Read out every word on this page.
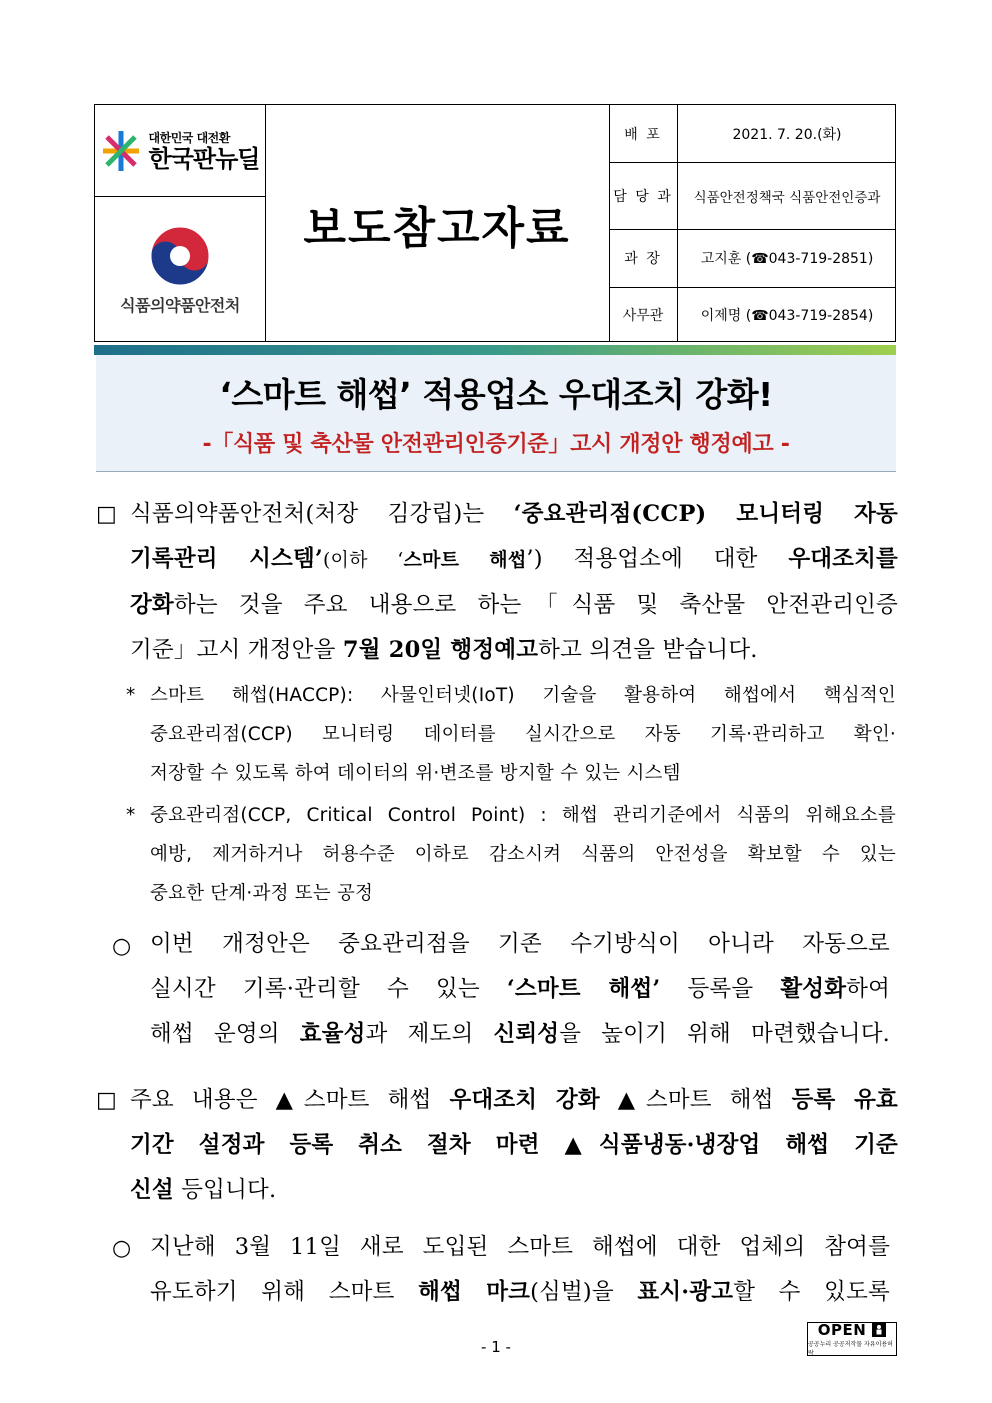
대한민국 대전환
한국판뉴딜
식품의약품안전처
보도참고자료
배 포	2021. 7. 20.(화)
담 당 과	식품안전정책국 식품안전인증과
과 장	고지훈 (☎043-719-2851)
사무관	이제명 (☎043-719-2854)
‘스마트 해썹’ 적용업소 우대조치 강화!
-「식품 및 축산물 안전관리인증기준」고시 개정안 행정예고 -
□ 식품의약품안전처(처장 김강립)는 ‘중요관리점(CCP) 모니터링 자동
기록관리 시스템’(이하 ‘스마트 해썹’) 적용업소에 대한 우대조치를
강화하는 것을 주요 내용으로 하는「식품 및 축산물 안전관리인증
기준」고시 개정안을 7월 20일 행정예고하고 의견을 받습니다.
* 스마트 해썹(HACCP): 사물인터넷(IoT) 기술을 활용하여 해썹에서 핵심적인
중요관리점(CCP) 모니터링 데이터를 실시간으로 자동 기록·관리하고 확인·
저장할 수 있도록 하여 데이터의 위·변조를 방지할 수 있는 시스템
* 중요관리점(CCP, Critical Control Point) : 해썹 관리기준에서 식품의 위해요소를
예방, 제거하거나 허용수준 이하로 감소시켜 식품의 안전성을 확보할 수 있는
중요한 단계·과정 또는 공정
○ 이번 개정안은 중요관리점을 기존 수기방식이 아니라 자동으로
실시간 기록·관리할 수 있는 ‘스마트 해썹’ 등록을 활성화하여
해썹 운영의 효율성과 제도의 신뢰성을 높이기 위해 마련했습니다.
□ 주요 내용은 ▲스마트 해썹 우대조치 강화 ▲스마트 해썹 등록 유효
기간 설정과 등록 취소 절차 마련 ▲식품냉동·냉장업 해썹 기준
신설 등입니다.
○ 지난해 3월 11일 새로 도입된 스마트 해썹에 대한 업체의 참여를
유도하기 위해 스마트 해썹 마크(심벌)을 표시·광고할 수 있도록
- 1 -
OPEN
공공누리 공공저작물 자유이용허락
